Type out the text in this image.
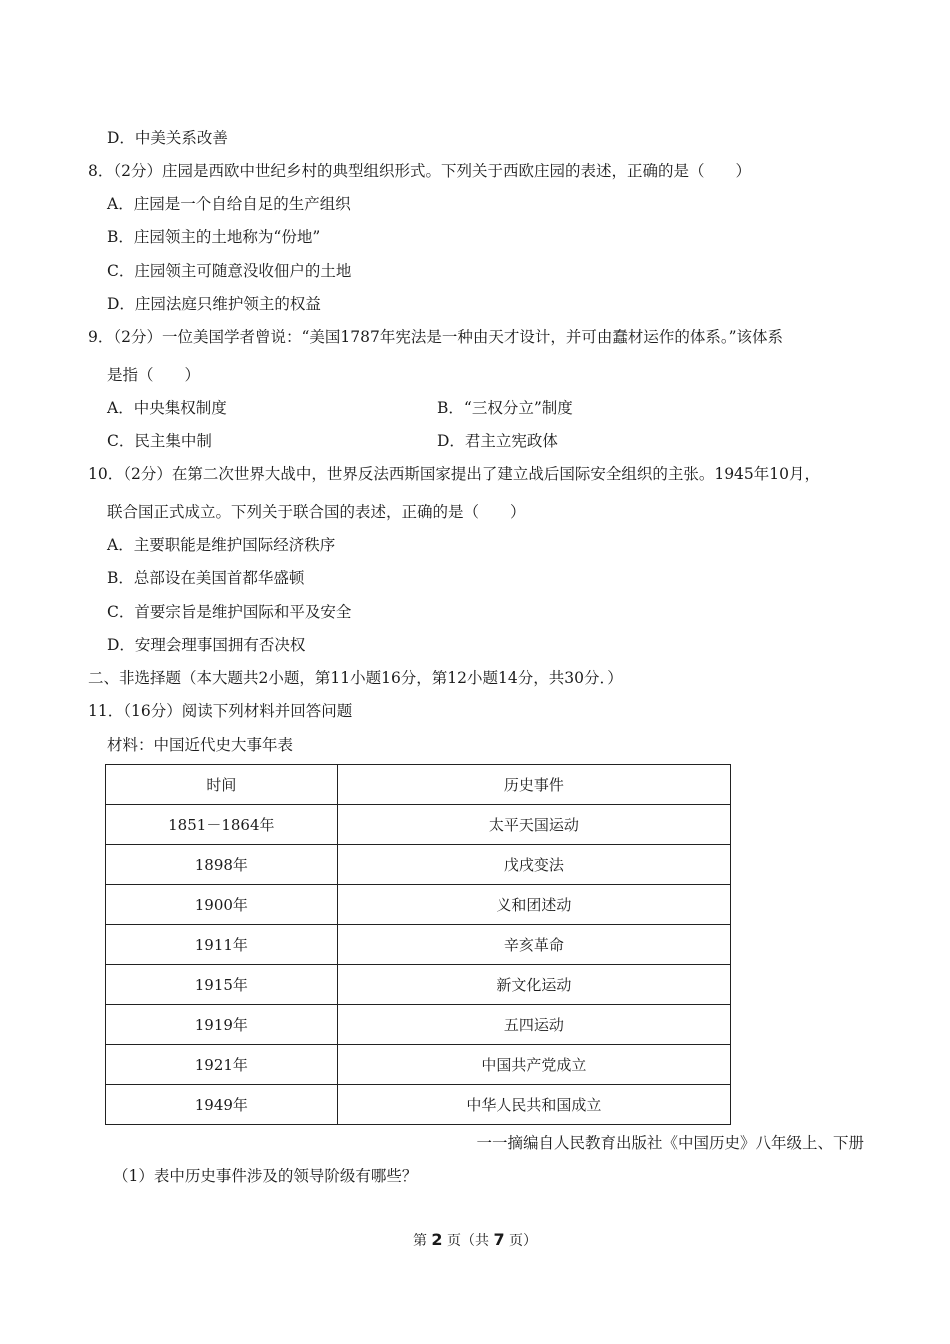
D．中美关系改善
8．（2分）庄园是西欧中世纪乡村的典型组织形式。下列关于西欧庄园的表述，正确的是（　　）
A．庄园是一个自给自足的生产组织
B．庄园领主的土地称为“份地”
C．庄园领主可随意没收佃户的土地
D．庄园法庭只维护领主的权益
9．（2分）一位美国学者曾说：“美国1787年宪法是一种由天才设计，并可由蠢材运作的体系。”该体系
是指（　　）
A．中央集权制度	B．“三权分立”制度
C．民主集中制	D．君主立宪政体
10．（2分）在第二次世界大战中，世界反法西斯国家提出了建立战后国际安全组织的主张。1945年10月，
联合国正式成立。下列关于联合国的表述，正确的是（　　）
A．主要职能是维护国际经济秩序
B．总部设在美国首都华盛顿
C．首要宗旨是维护国际和平及安全
D．安理会理事国拥有否决权
二、非选择题（本大题共2小题，第11小题16分，第12小题14分，共30分．）
11．（16分）阅读下列材料并回答问题
材料：中国近代史大事年表
时间	历史事件
1851－1864年	太平天国运动
1898年	戊戌变法
1900年	义和团述动
1911年	辛亥革命
1915年	新文化运动
1919年	五四运动
1921年	中国共产党成立
1949年	中华人民共和国成立
一一摘编自人民教育出版社《中国历史》八年级上、下册
（1）表中历史事件涉及的领导阶级有哪些？
第 2 页（共 7 页）
